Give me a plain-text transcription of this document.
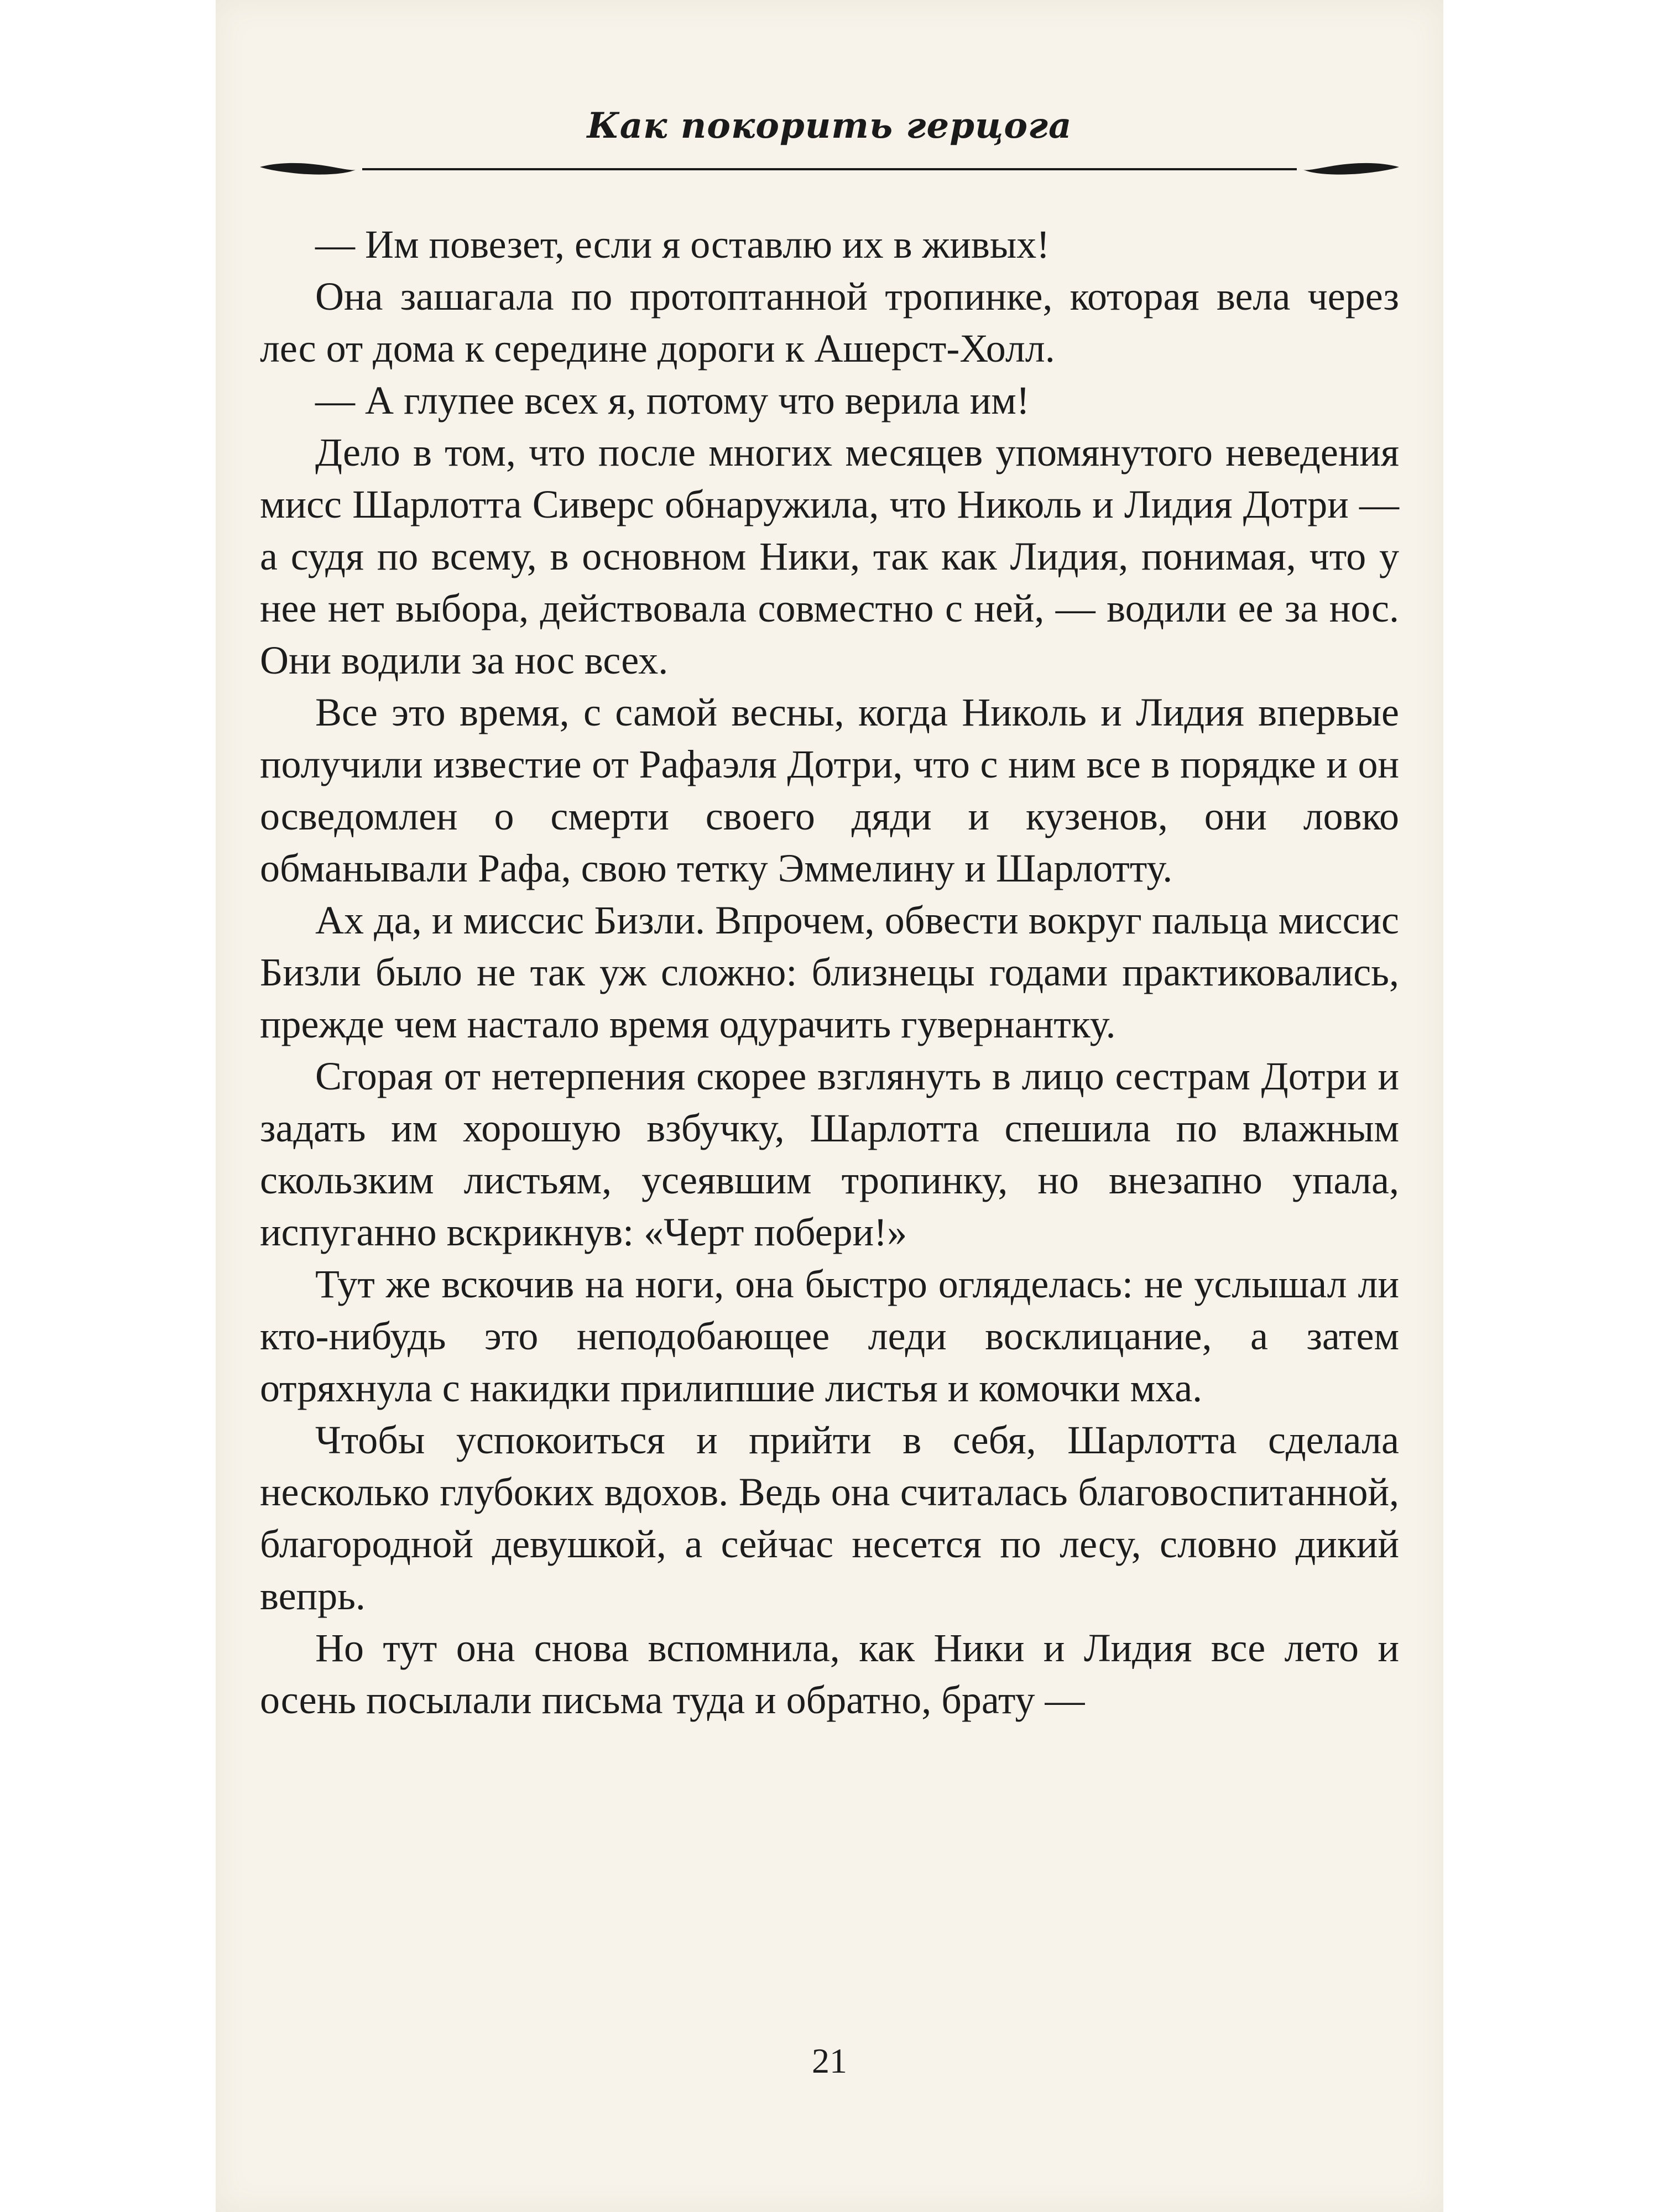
Как покорить герцога

— Им повезет, если я оставлю их в живых!

Она зашагала по протоптанной тропинке, которая вела через лес от дома к середине дороги к Ашерст-Холл.

— А глупее всех я, потому что верила им!

Дело в том, что после многих месяцев упомянутого неведения мисс Шарлотта Сиверс обнаружила, что Николь и Лидия Дотри — а судя по всему, в основном Ники, так как Лидия, понимая, что у нее нет выбора, действовала совместно с ней, — водили ее за нос. Они водили за нос всех.

Все это время, с самой весны, когда Николь и Лидия впервые получили известие от Рафаэля Дотри, что с ним все в порядке и он осведомлен о смерти своего дяди и кузенов, они ловко обманывали Рафа, свою тетку Эммелину и Шарлотту.

Ах да, и миссис Бизли. Впрочем, обвести вокруг пальца миссис Бизли было не так уж сложно: близнецы годами практиковались, прежде чем настало время одурачить гувернантку.

Сгорая от нетерпения скорее взглянуть в лицо сестрам Дотри и задать им хорошую взбучку, Шарлотта спешила по влажным скользким листьям, усеявшим тропинку, но внезапно упала, испуганно вскрикнув: «Черт побери!»

Тут же вскочив на ноги, она быстро огляделась: не услышал ли кто-нибудь это неподобающее леди восклицание, а затем отряхнула с накидки прилипшие листья и комочки мха.

Чтобы успокоиться и прийти в себя, Шарлотта сделала несколько глубоких вдохов. Ведь она считалась благовоспитанной, благородной девушкой, а сейчас несется по лесу, словно дикий вепрь.

Но тут она снова вспомнила, как Ники и Лидия все лето и осень посылали письма туда и обратно, брату —

21
